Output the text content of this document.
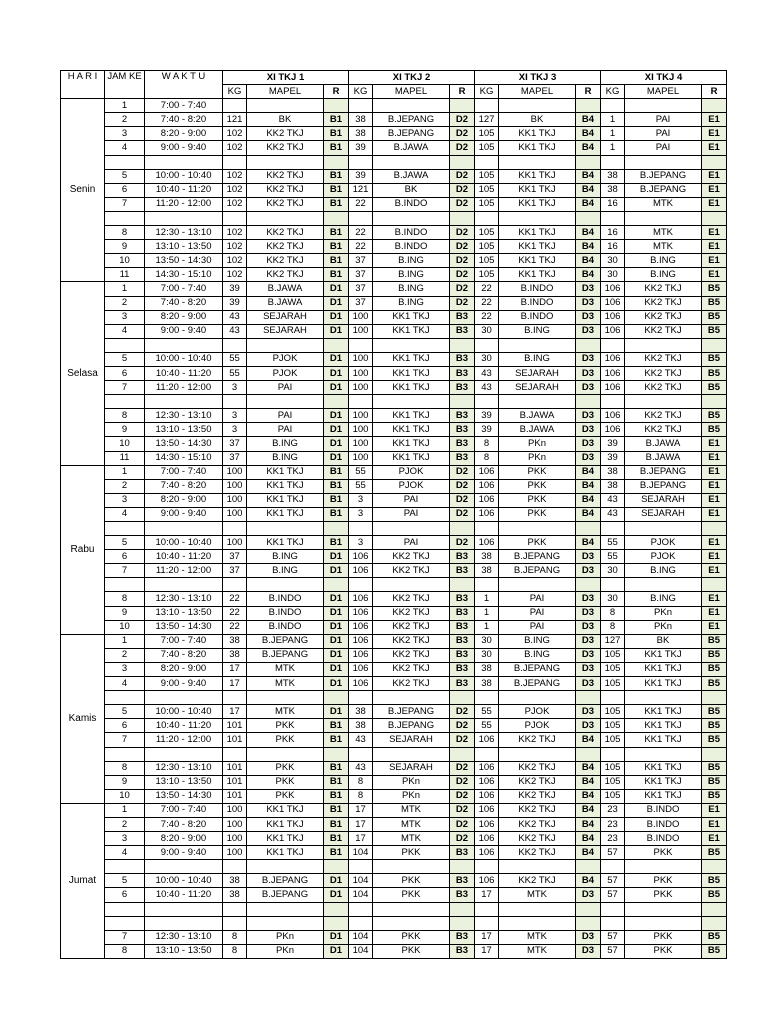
H A R I	JAM KE	W A K T U	XI TKJ 1			XI TKJ 2			XI TKJ 3			XI TKJ 4		
			KG	MAPEL	R	KG	MAPEL	R	KG	MAPEL	R	KG	MAPEL	R
Senin	1	7:00 - 7:40												
	2	7:40 - 8:20	121	BK	B1	38	B.JEPANG	D2	127	BK	B4	1	PAI	E1
	3	8:20 - 9:00	102	KK2 TKJ	B1	38	B.JEPANG	D2	105	KK1 TKJ	B4	1	PAI	E1
	4	9:00 - 9:40	102	KK2 TKJ	B1	39	B.JAWA	D2	105	KK1 TKJ	B4	1	PAI	E1

	5	10:00 - 10:40	102	KK2 TKJ	B1	39	B.JAWA	D2	105	KK1 TKJ	B4	38	B.JEPANG	E1
	6	10:40 - 11:20	102	KK2 TKJ	B1	121	BK	D2	105	KK1 TKJ	B4	38	B.JEPANG	E1
	7	11:20 - 12:00	102	KK2 TKJ	B1	22	B.INDO	D2	105	KK1 TKJ	B4	16	MTK	E1

	8	12:30 - 13:10	102	KK2 TKJ	B1	22	B.INDO	D2	105	KK1 TKJ	B4	16	MTK	E1
	9	13:10 - 13:50	102	KK2 TKJ	B1	22	B.INDO	D2	105	KK1 TKJ	B4	16	MTK	E1
	10	13:50 - 14:30	102	KK2 TKJ	B1	37	B.ING	D2	105	KK1 TKJ	B4	30	B.ING	E1
	11	14:30 - 15:10	102	KK2 TKJ	B1	37	B.ING	D2	105	KK1 TKJ	B4	30	B.ING	E1
Selasa	1	7:00 - 7:40	39	B.JAWA	D1	37	B.ING	D2	22	B.INDO	D3	106	KK2 TKJ	B5
	2	7:40 - 8:20	39	B.JAWA	D1	37	B.ING	D2	22	B.INDO	D3	106	KK2 TKJ	B5
	3	8:20 - 9:00	43	SEJARAH	D1	100	KK1 TKJ	B3	22	B.INDO	D3	106	KK2 TKJ	B5
	4	9:00 - 9:40	43	SEJARAH	D1	100	KK1 TKJ	B3	30	B.ING	D3	106	KK2 TKJ	B5

	5	10:00 - 10:40	55	PJOK	D1	100	KK1 TKJ	B3	30	B.ING	D3	106	KK2 TKJ	B5
	6	10:40 - 11:20	55	PJOK	D1	100	KK1 TKJ	B3	43	SEJARAH	D3	106	KK2 TKJ	B5
	7	11:20 - 12:00	3	PAI	D1	100	KK1 TKJ	B3	43	SEJARAH	D3	106	KK2 TKJ	B5

	8	12:30 - 13:10	3	PAI	D1	100	KK1 TKJ	B3	39	B.JAWA	D3	106	KK2 TKJ	B5
	9	13:10 - 13:50	3	PAI	D1	100	KK1 TKJ	B3	39	B.JAWA	D3	106	KK2 TKJ	B5
	10	13:50 - 14:30	37	B.ING	D1	100	KK1 TKJ	B3	8	PKn	D3	39	B.JAWA	E1
	11	14:30 - 15:10	37	B.ING	D1	100	KK1 TKJ	B3	8	PKn	D3	39	B.JAWA	E1
Rabu	1	7:00 - 7:40	100	KK1 TKJ	B1	55	PJOK	D2	106	PKK	B4	38	B.JEPANG	E1
	2	7:40 - 8:20	100	KK1 TKJ	B1	55	PJOK	D2	106	PKK	B4	38	B.JEPANG	E1
	3	8:20 - 9:00	100	KK1 TKJ	B1	3	PAI	D2	106	PKK	B4	43	SEJARAH	E1
	4	9:00 - 9:40	100	KK1 TKJ	B1	3	PAI	D2	106	PKK	B4	43	SEJARAH	E1

	5	10:00 - 10:40	100	KK1 TKJ	B1	3	PAI	D2	106	PKK	B4	55	PJOK	E1
	6	10:40 - 11:20	37	B.ING	D1	106	KK2 TKJ	B3	38	B.JEPANG	D3	55	PJOK	E1
	7	11:20 - 12:00	37	B.ING	D1	106	KK2 TKJ	B3	38	B.JEPANG	D3	30	B.ING	E1

	8	12:30 - 13:10	22	B.INDO	D1	106	KK2 TKJ	B3	1	PAI	D3	30	B.ING	E1
	9	13:10 - 13:50	22	B.INDO	D1	106	KK2 TKJ	B3	1	PAI	D3	8	PKn	E1
	10	13:50 - 14:30	22	B.INDO	D1	106	KK2 TKJ	B3	1	PAI	D3	8	PKn	E1
Kamis	1	7:00 - 7:40	38	B.JEPANG	D1	106	KK2 TKJ	B3	30	B.ING	D3	127	BK	B5
	2	7:40 - 8:20	38	B.JEPANG	D1	106	KK2 TKJ	B3	30	B.ING	D3	105	KK1 TKJ	B5
	3	8:20 - 9:00	17	MTK	D1	106	KK2 TKJ	B3	38	B.JEPANG	D3	105	KK1 TKJ	B5
	4	9:00 - 9:40	17	MTK	D1	106	KK2 TKJ	B3	38	B.JEPANG	D3	105	KK1 TKJ	B5

	5	10:00 - 10:40	17	MTK	D1	38	B.JEPANG	D2	55	PJOK	D3	105	KK1 TKJ	B5
	6	10:40 - 11:20	101	PKK	B1	38	B.JEPANG	D2	55	PJOK	D3	105	KK1 TKJ	B5
	7	11:20 - 12:00	101	PKK	B1	43	SEJARAH	D2	106	KK2 TKJ	B4	105	KK1 TKJ	B5

	8	12:30 - 13:10	101	PKK	B1	43	SEJARAH	D2	106	KK2 TKJ	B4	105	KK1 TKJ	B5
	9	13:10 - 13:50	101	PKK	B1	8	PKn	D2	106	KK2 TKJ	B4	105	KK1 TKJ	B5
	10	13:50 - 14:30	101	PKK	B1	8	PKn	D2	106	KK2 TKJ	B4	105	KK1 TKJ	B5
Jumat	1	7:00 - 7:40	100	KK1 TKJ	B1	17	MTK	D2	106	KK2 TKJ	B4	23	B.INDO	E1
	2	7:40 - 8:20	100	KK1 TKJ	B1	17	MTK	D2	106	KK2 TKJ	B4	23	B.INDO	E1
	3	8:20 - 9:00	100	KK1 TKJ	B1	17	MTK	D2	106	KK2 TKJ	B4	23	B.INDO	E1
	4	9:00 - 9:40	100	KK1 TKJ	B1	104	PKK	B3	106	KK2 TKJ	B4	57	PKK	B5

	5	10:00 - 10:40	38	B.JEPANG	D1	104	PKK	B3	106	KK2 TKJ	B4	57	PKK	B5
	6	10:40 - 11:20	38	B.JEPANG	D1	104	PKK	B3	17	MTK	D3	57	PKK	B5

	7	12:30 - 13:10	8	PKn	D1	104	PKK	B3	17	MTK	D3	57	PKK	B5
	8	13:10 - 13:50	8	PKn	D1	104	PKK	B3	17	MTK	D3	57	PKK	B5
